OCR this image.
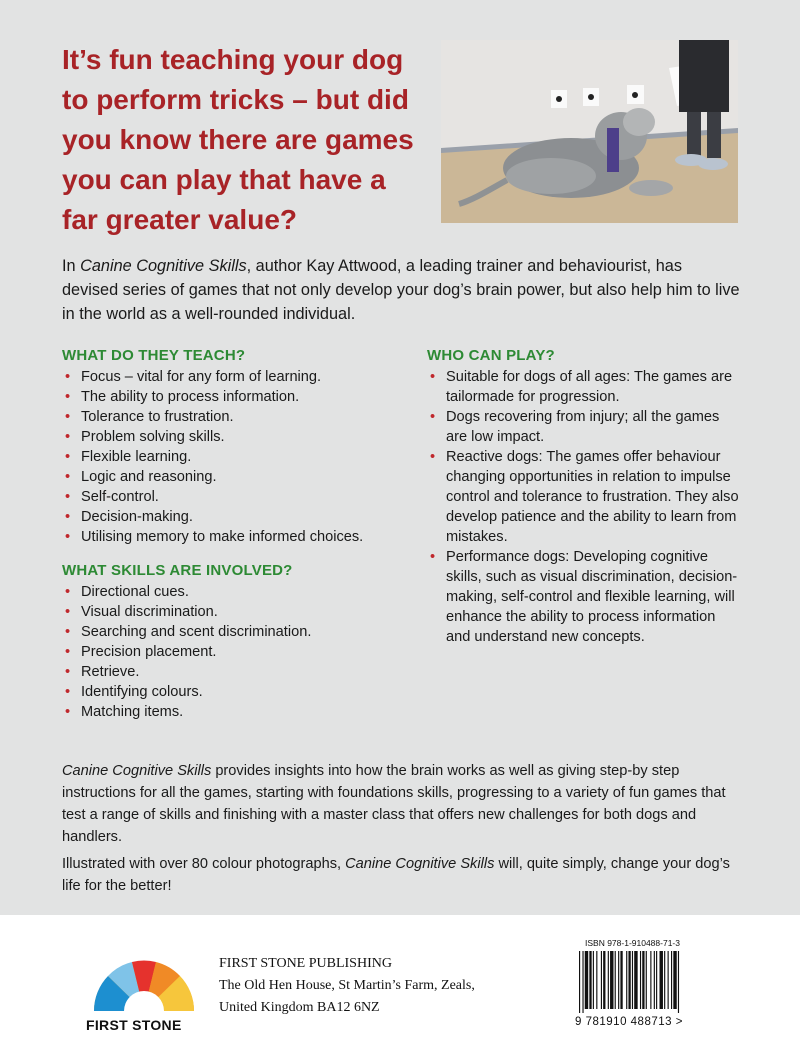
It’s fun teaching your dog to perform tricks – but did you know there are games you can play that have a far greater value?

In Canine Cognitive Skills, author Kay Attwood, a leading trainer and behaviourist, has devised series of games that not only develop your dog’s brain power, but also help him to live in the world as a well-rounded individual.

WHAT DO THEY TEACH?
• Focus – vital for any form of learning.
• The ability to process information.
• Tolerance to frustration.
• Problem solving skills.
• Flexible learning.
• Logic and reasoning.
• Self-control.
• Decision-making.
• Utilising memory to make informed choices.
WHAT SKILLS ARE INVOLVED?
• Directional cues.
• Visual discrimination.
• Searching and scent discrimination.
• Precision placement.
• Retrieve.
• Identifying colours.
• Matching items.
WHO CAN PLAY?
• Suitable for dogs of all ages: The games are tailormade for progression.
• Dogs recovering from injury; all the games are low impact.
• Reactive dogs: The games offer behaviour changing opportunities in relation to impulse control and tolerance to frustration. They also develop patience and the ability to learn from mistakes.
• Performance dogs: Developing cognitive skills, such as visual discrimination, decision-making, self-control and flexible learning, will enhance the ability to process information and understand new concepts.

Canine Cognitive Skills provides insights into how the brain works as well as giving step-by step instructions for all the games, starting with foundations skills, progressing to a variety of fun games that test a range of skills and finishing with a master class that offers new challenges for both dogs and handlers.

Illustrated with over 80 colour photographs, Canine Cognitive Skills will, quite simply, change your dog’s life for the better!

FIRST STONE
FIRST STONE PUBLISHING
The Old Hen House, St Martin’s Farm, Zeals,
United Kingdom BA12 6NZ
ISBN 978-1-910488-71-3
9 781910 488713 >
